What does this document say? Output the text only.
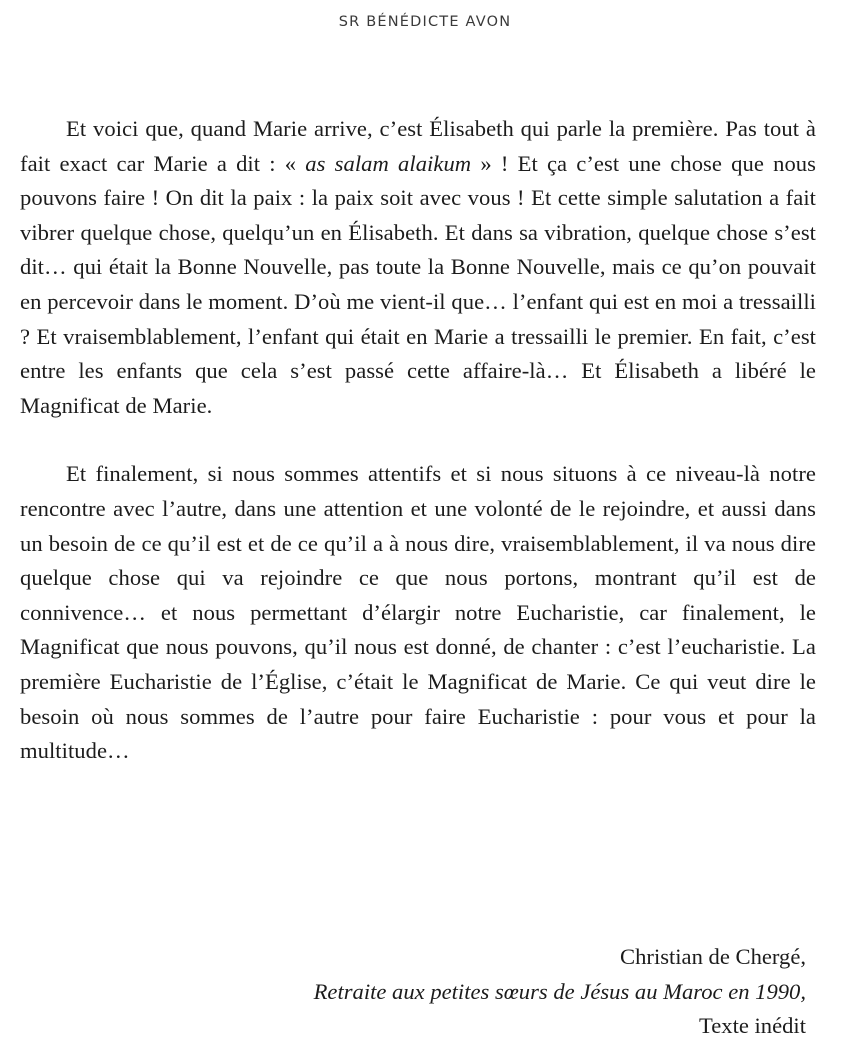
SR BÉNÉDICTE AVON

Et voici que, quand Marie arrive, c’est Élisabeth qui parle la première. Pas tout à fait exact car Marie a dit : « as salam alaikum » ! Et ça c’est une chose que nous pouvons faire ! On dit la paix : la paix soit avec vous ! Et cette simple salutation a fait vibrer quelque chose, quelqu’un en Élisabeth. Et dans sa vibration, quelque chose s’est dit… qui était la Bonne Nouvelle, pas toute la Bonne Nouvelle, mais ce qu’on pouvait en percevoir dans le moment. D’où me vient-il que… l’enfant qui est en moi a tressailli ? Et vraisemblablement, l’enfant qui était en Marie a tressailli le premier. En fait, c’est entre les enfants que cela s’est passé cette affaire-là… Et Élisabeth a libéré le Magnificat de Marie.

Et finalement, si nous sommes attentifs et si nous situons à ce niveau-là notre rencontre avec l’autre, dans une attention et une volonté de le rejoindre, et aussi dans un besoin de ce qu’il est et de ce qu’il a à nous dire, vraisemblablement, il va nous dire quelque chose qui va rejoindre ce que nous portons, montrant qu’il est de connivence… et nous permettant d’élargir notre Eucharistie, car finalement, le Magnificat que nous pouvons, qu’il nous est donné, de chanter : c’est l’eucharistie. La première Eucharistie de l’Église, c’était le Magnificat de Marie. Ce qui veut dire le besoin où nous sommes de l’autre pour faire Eucharistie : pour vous et pour la multitude…

Christian de Chergé,
Retraite aux petites sœurs de Jésus au Maroc en 1990,
Texte inédit
